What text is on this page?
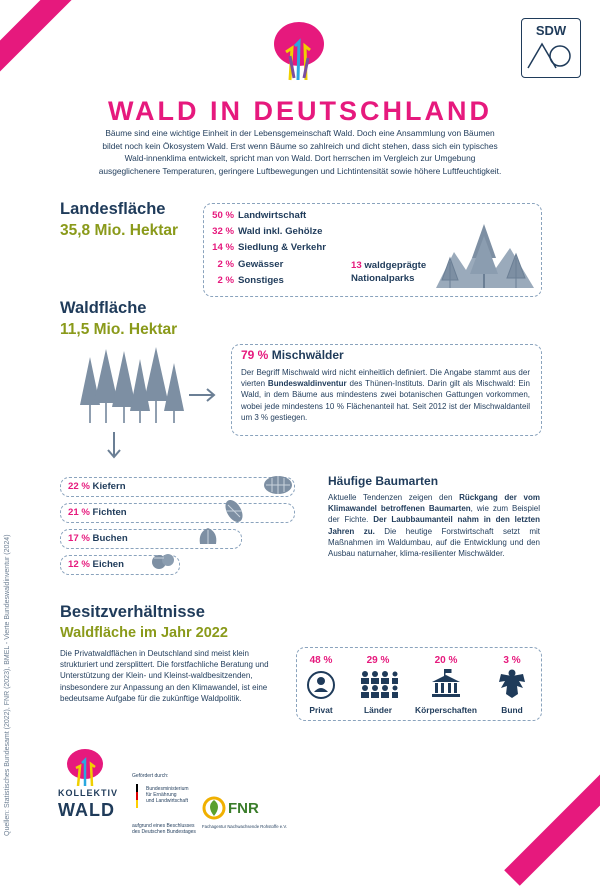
SDW
WALD IN DEUTSCHLAND
Bäume sind eine wichtige Einheit in der Lebensgemeinschaft Wald. Doch eine Ansammlung von Bäumen bildet noch kein Ökosystem Wald. Erst wenn Bäume so zahlreich und dicht stehen, dass sich ein typisches Wald-innenklima entwickelt, spricht man von Wald. Dort herrschen im Vergleich zur Umgebung ausgeglichenere Temperaturen, geringere Luftbewegungen und Lichtintensität sowie höhere Luftfeuchtigkeit.
Landesfläche
35,8 Mio. Hektar
50 % Landwirtschaft
32 % Wald inkl. Gehölze
14 % Siedlung & Verkehr
2 % Gewässer
2 % Sonstiges
13 waldgeprägte
Nationalparks
Waldfläche
11,5 Mio. Hektar
79 % Mischwälder
Der Begriff Mischwald wird nicht einheitlich definiert. Die Angabe stammt aus der vierten Bundeswaldinventur des Thünen-Instituts. Darin gilt als Mischwald: Ein Wald, in dem Bäume aus mindestens zwei botanischen Gattungen vorkommen, wobei jede mindestens 10 % Flächenanteil hat. Seit 2012 ist der Mischwaldanteil um 3 % gestiegen.
22 % Kiefern
21 % Fichten
17 % Buchen
12 % Eichen
Häufige Baumarten
Aktuelle Tendenzen zeigen den Rückgang der vom Klimawandel betroffenen Baumarten, wie zum Beispiel der Fichte. Der Laubbaumanteil nahm in den letzten Jahren zu. Die heutige Forstwirtschaft setzt mit Maßnahmen im Waldumbau, auf die Entwicklung und den Ausbau naturnaher, klima-resilienter Mischwälder.
Besitzverhältnisse
Waldfläche im Jahr 2022
Die Privatwaldflächen in Deutschland sind meist klein strukturiert und zersplittert. Die forstfachliche Beratung und Unterstützung der Klein- und Kleinst-waldbesitzenden, insbesondere zur Anpassung an den Klimawandel, ist eine bedeutsame Aufgabe für die zukünftige Waldpolitik.
48 %	29 %	20 %	3 %
Privat	Länder	Körperschaften	Bund
KOLLEKTIV
WALD
Gefördert durch:
Bundesministerium
für Ernährung
und Landwirtschaft
aufgrund eines Beschlusses
des Deutschen Bundestages
FNR
Fachagentur Nachwachsende Rohstoffe e.V.
Quellen: Statistisches Bundesamt (2022), FNR (2023), BMEL - Vierte Bundeswaldinventur (2024)
